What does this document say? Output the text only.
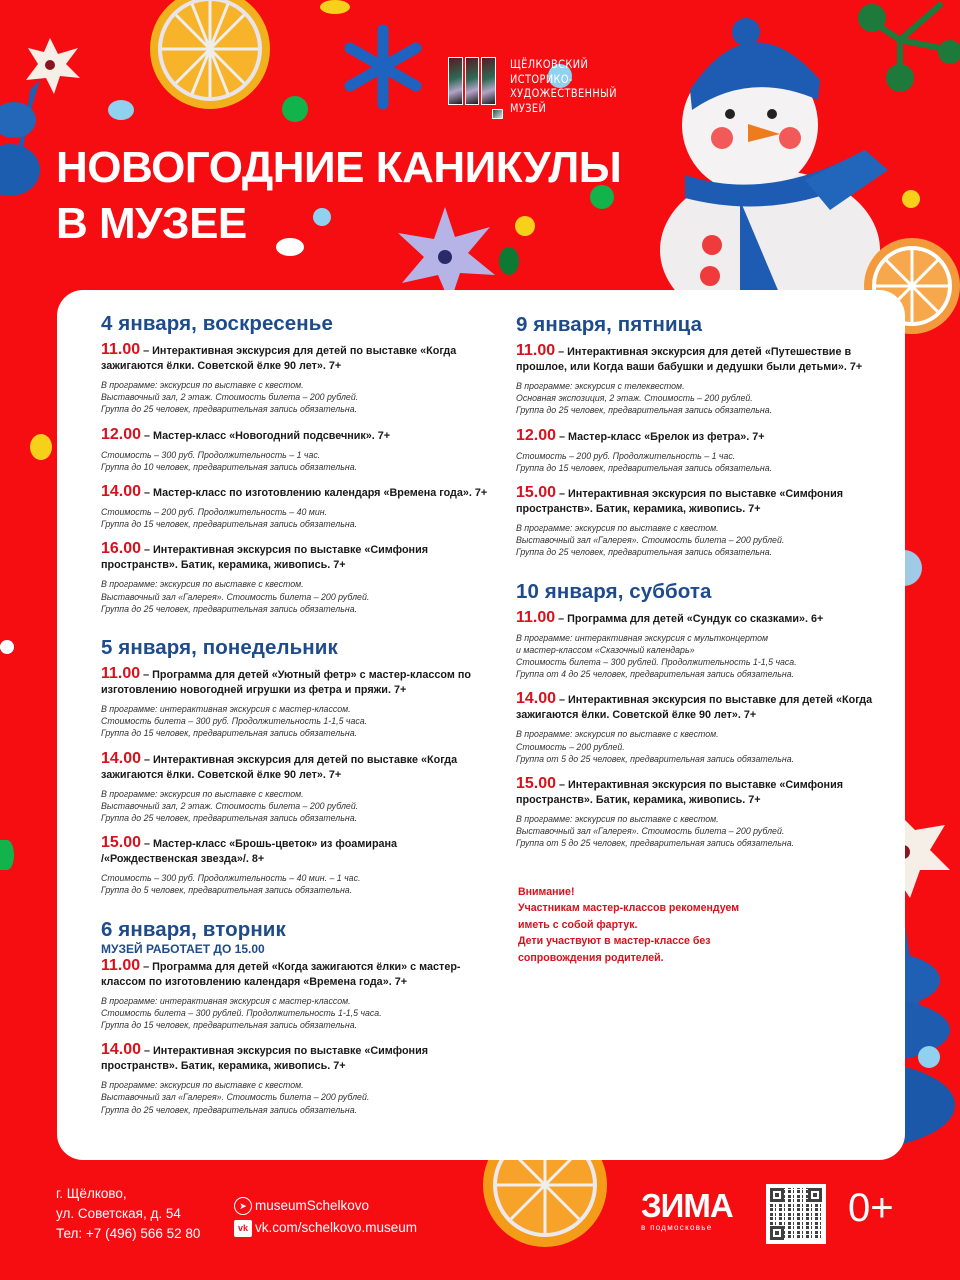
ЩЁЛКОВСКИЙ
ИСТОРИКО-
ХУДОЖЕСТВЕННЫЙ
МУЗЕЙ
НОВОГОДНИЕ КАНИКУЛЫ
В МУЗЕЕ
4 января, воскресенье
11.00 – Интерактивная экскурсия для детей по выставке «Когда зажигаются ёлки. Советской ёлке 90 лет». 7+
В программе: экскурсия по выставке с квестом.
Выставочный зал, 2 этаж. Стоимость билета – 200 рублей.
Группа до 25 человек, предварительная запись обязательна.
12.00 – Мастер-класс «Новогодний подсвечник». 7+
Стоимость – 300 руб. Продолжительность – 1 час.
Группа до 10 человек, предварительная запись обязательна.
14.00 – Мастер-класс по изготовлению календаря «Времена года». 7+
Стоимость – 200 руб. Продолжительность – 40 мин.
Группа до 15 человек, предварительная запись обязательна.
16.00 – Интерактивная экскурсия по выставке «Симфония пространств». Батик, керамика, живопись. 7+
В программе: экскурсия по выставке с квестом.
Выставочный зал «Галерея». Стоимость билета – 200 рублей.
Группа до 25 человек, предварительная запись обязательна.
5 января, понедельник
11.00 – Программа для детей «Уютный фетр» с мастер-классом по изготовлению новогодней игрушки из фетра и пряжи. 7+
В программе: интерактивная экскурсия с мастер-классом.
Стоимость билета – 300 руб. Продолжительность 1-1,5 часа.
Группа до 15 человек, предварительная запись обязательна.
14.00 – Интерактивная экскурсия для детей по выставке «Когда зажигаются ёлки. Советской ёлке 90 лет». 7+
В программе: экскурсия по выставке с квестом.
Выставочный зал, 2 этаж. Стоимость билета – 200 рублей.
Группа до 25 человек, предварительная запись обязательна.
15.00 – Мастер-класс «Брошь-цветок» из фоамирана /«Рождественская звезда»/. 8+
Стоимость – 300 руб. Продолжительность – 40 мин. – 1 час.
Группа до 5 человек, предварительная запись обязательна.
6 января, вторник
МУЗЕЙ РАБОТАЕТ ДО 15.00
11.00 – Программа для детей «Когда зажигаются ёлки» с мастер-классом по изготовлению календаря «Времена года». 7+
В программе: интерактивная экскурсия с мастер-классом.
Стоимость билета – 300 рублей. Продолжительность 1-1,5 часа.
Группа до 15 человек, предварительная запись обязательна.
14.00 – Интерактивная экскурсия по выставке «Симфония пространств». Батик, керамика, живопись. 7+
В программе: экскурсия по выставке с квестом.
Выставочный зал «Галерея». Стоимость билета – 200 рублей.
Группа до 25 человек, предварительная запись обязательна.
9 января, пятница
11.00 – Интерактивная экскурсия для детей «Путешествие в прошлое, или Когда ваши бабушки и дедушки были детьми». 7+
В программе: экскурсия с телеквестом.
Основная экспозиция, 2 этаж. Стоимость – 200 рублей.
Группа до 25 человек, предварительная запись обязательна.
12.00 – Мастер-класс «Брелок из фетра». 7+
Стоимость – 200 руб. Продолжительность – 1 час.
Группа до 15 человек, предварительная запись обязательна.
15.00 – Интерактивная экскурсия по выставке «Симфония пространств». Батик, керамика, живопись. 7+
В программе: экскурсия по выставке с квестом.
Выставочный зал «Галерея». Стоимость билета – 200 рублей.
Группа до 25 человек, предварительная запись обязательна.
10 января, суббота
11.00 – Программа для детей «Сундук со сказками». 6+
В программе: интерактивная экскурсия с мультконцертом
и мастер-классом «Сказочный календарь»
Стоимость билета – 300 рублей. Продолжительность 1-1,5 часа.
Группа от 4 до 25 человек, предварительная запись обязательна.
14.00 – Интерактивная экскурсия по выставке для детей «Когда зажигаются ёлки. Советской ёлке 90 лет». 7+
В программе: экскурсия по выставке с квестом.
Стоимость – 200 рублей.
Группа от 5 до 25 человек, предварительная запись обязательна.
15.00 – Интерактивная экскурсия по выставке «Симфония пространств». Батик, керамика, живопись. 7+
В программе: экскурсия по выставке с квестом.
Выставочный зал «Галерея». Стоимость билета – 200 рублей.
Группа от 5 до 25 человек, предварительная запись обязательна.
Внимание!
Участникам мастер-классов рекомендуем
иметь с собой фартук.
Дети участвуют в мастер-классе без
сопровождения родителей.
г. Щёлково,
ул. Советская, д. 54
Тел: +7 (496) 566 52 80
➤ museumSchelkovo
vk vk.com/schelkovo.museum
ЗИМА
в подмосковье	0+
